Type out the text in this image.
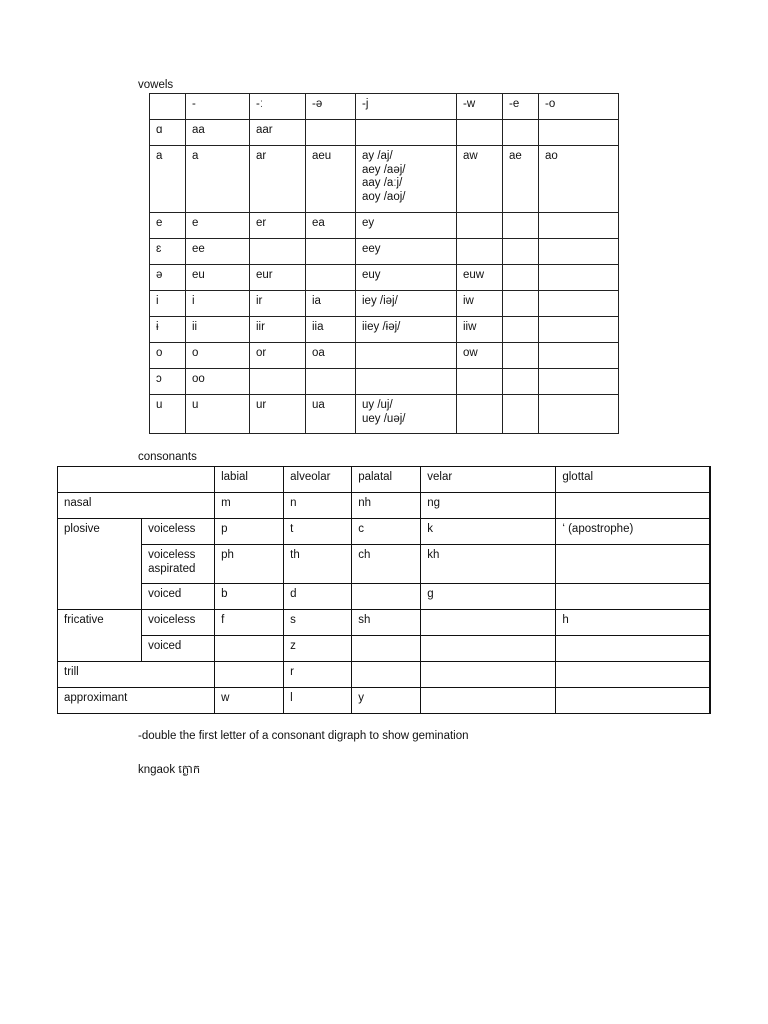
vowels
	-	-ː	-ə	-j	-w	-e	-o
ɑ	aa	aar					
a	a	ar	aeu	ay /aj/
aey /aəj/
aay /aːj/
aoy /aoj/	aw	ae	ao
e	e	er	ea	ey			
ɛ	ee			eey			
ə	eu	eur		euy	euw		
i	i	ir	ia	iey /iəj/	iw		
ɨ	ii	iir	iia	iiey /ɨəj/	iiw		
o	o	or	oa		ow		
ɔ	oo						
u	u	ur	ua	uy /uj/
uey /uəj/			
consonants
		labial	alveolar	palatal	velar	glottal
nasal		m	n	nh	ng	
plosive	voiceless	p	t	c	k	‘ (apostrophe)
	voiceless aspirated	ph	th	ch	kh	
	voiced	b	d		g	
fricative	voiceless	f	s	sh		h
	voiced		z			
trill			r			
approximant		w	l	y		
-double the first letter of a consonant digraph to show gemination
kngaok ក្ងោក
